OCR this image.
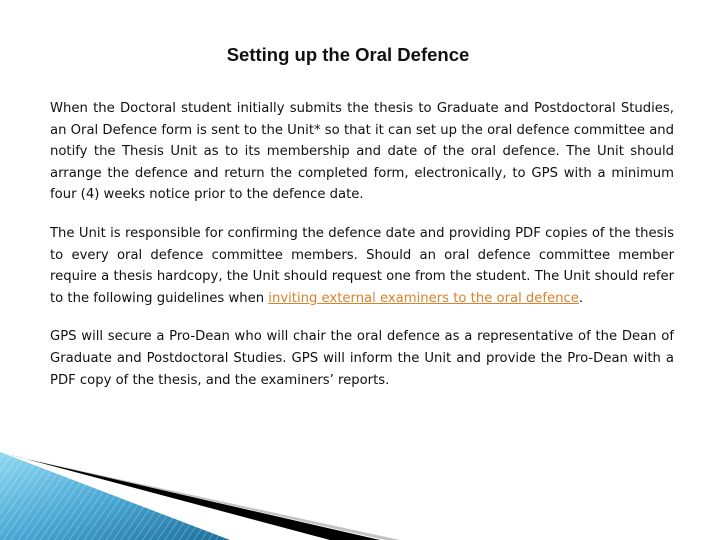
Setting up the Oral Defence

When the Doctoral student initially submits the thesis to Graduate and Postdoctoral Studies, an Oral Defence form is sent to the Unit* so that it can set up the oral defence committee and notify the Thesis Unit as to its membership and date of the oral defence. The Unit should arrange the defence and return the completed form, electronically, to GPS with a minimum four (4) weeks notice prior to the defence date.

The Unit is responsible for confirming the defence date and providing PDF copies of the thesis to every oral defence committee members. Should an oral defence committee member require a thesis hardcopy, the Unit should request one from the student. The Unit should refer to the following guidelines when inviting external examiners to the oral defence.

GPS will secure a Pro-Dean who will chair the oral defence as a representative of the Dean of Graduate and Postdoctoral Studies. GPS will inform the Unit and provide the Pro-Dean with a PDF copy of the thesis, and the examiners’ reports.
